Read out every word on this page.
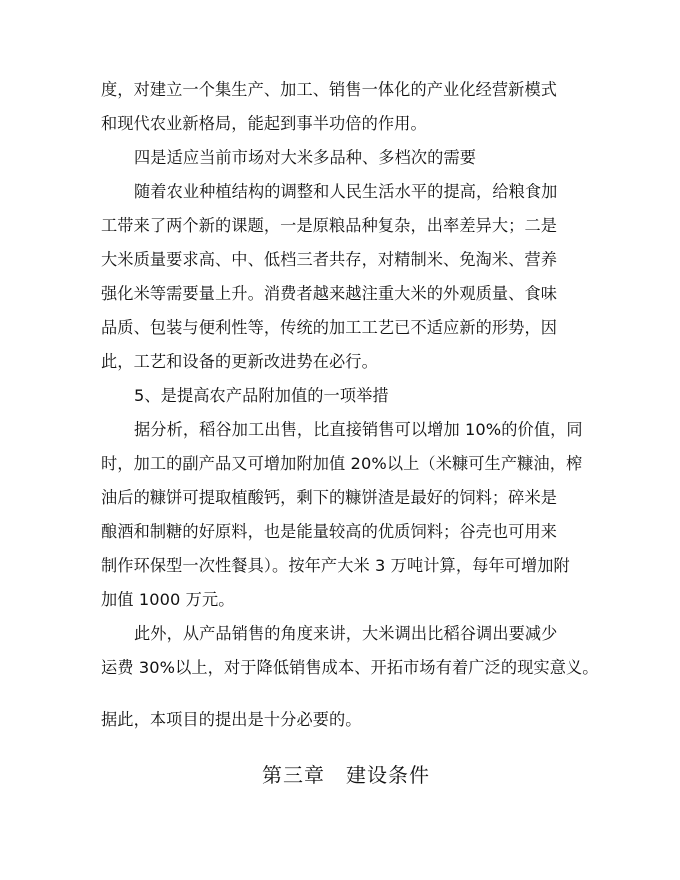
度，对建立一个集生产、加工、销售一体化的产业化经营新模式
和现代农业新格局，能起到事半功倍的作用。
四是适应当前市场对大米多品种、多档次的需要
随着农业种植结构的调整和人民生活水平的提高，给粮食加
工带来了两个新的课题，一是原粮品种复杂，出率差异大；二是
大米质量要求高、中、低档三者共存，对精制米、免淘米、营养
强化米等需要量上升。消费者越来越注重大米的外观质量、食味
品质、包装与便利性等，传统的加工工艺已不适应新的形势，因
此，工艺和设备的更新改进势在必行。
5、是提高农产品附加值的一项举措
据分析，稻谷加工出售，比直接销售可以增加 10%的价值，同
时，加工的副产品又可增加附加值 20%以上（米糠可生产糠油，榨
油后的糠饼可提取植酸钙，剩下的糠饼渣是最好的饲料；碎米是
酿酒和制糖的好原料，也是能量较高的优质饲料；谷壳也可用来
制作环保型一次性餐具）。按年产大米 3 万吨计算，每年可增加附
加值 1000 万元。
此外，从产品销售的角度来讲，大米调出比稻谷调出要减少
运费 30%以上，对于降低销售成本、开拓市场有着广泛的现实意义。
据此，本项目的提出是十分必要的。
第三章　建设条件
